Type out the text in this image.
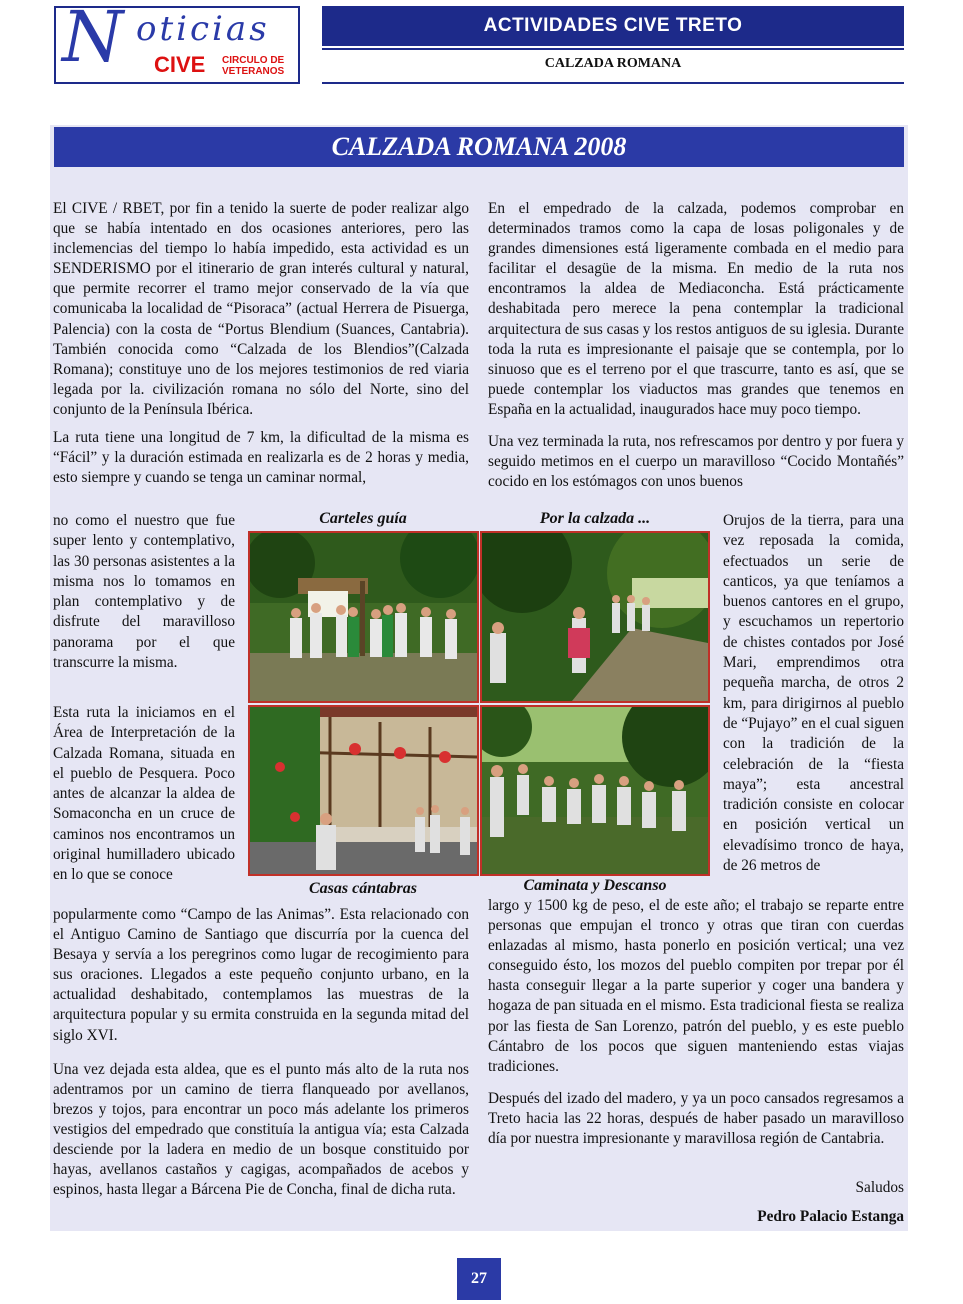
N oticias
CIVE CIRCULO DE
VETERANOS
ACTIVIDADES CIVE TRETO
CALZADA ROMANA
CALZADA ROMANA 2008

El CIVE / RBET, por fin a tenido la suerte de poder realizar algo que se había intentado en dos ocasiones anteriores, pero las inclemencias del tiempo lo había impedido, esta actividad es un SENDERISMO por el itinerario de gran interés cultural y natural, que permite recorrer el tramo mejor conservado de la vía que comunicaba la localidad de “Pisoraca” (actual Herrera de Pisuerga, Palencia) con la costa de “Portus Blendium (Suances, Cantabria). También conocida como “Calzada de los Blendios”(Calzada Romana); constituye uno de los mejores testimonios de red viaria legada por la. civilización romana no sólo del Norte, sino del conjunto de la Península Ibérica.

La ruta tiene una longitud de 7 km, la dificultad de la misma es “Fácil” y la duración estimada en realizarla es de 2 horas y media, esto siempre y cuando se tenga un caminar normal,

no como el nuestro que fue super lento y contemplativo, las 30 personas asistentes a la misma nos lo tomamos en plan contemplativo y de disfrute del maravilloso panorama por el que transcurre la misma.
Esta ruta la iniciamos en el Área de Interpretación de la Calzada Romana, situada en el pueblo de Pesquera. Poco antes de alcanzar la aldea de Somaconcha en un cruce de caminos nos encontramos un original humilladero ubicado en lo que se conoce

popularmente como “Campo de las Animas”. Esta relacionado con el Antiguo Camino de Santiago que discurría por la cuenca del Besaya y servía a los peregrinos como lugar de recogimiento para sus oraciones. Llegados a este pequeño conjunto urbano, en la actualidad deshabitado, contemplamos las muestras de la arquitectura popular y su ermita construida en la segunda mitad del siglo XVI.

Una vez dejada esta aldea, que es el punto más alto de la ruta nos adentramos por un camino de tierra flanqueado por avellanos, brezos y tojos, para encontrar un poco más adelante los primeros vestigios del empedrado que constituía la antigua vía; esta Calzada desciende por la ladera en medio de un bosque constituido por hayas, avellanos castaños y cagigas, acompañados de acebos y espinos, hasta llegar a Bárcena Pie de Concha, final de dicha ruta.

En el empedrado de la calzada, podemos comprobar en determinados tramos como la capa de losas poligonales y de grandes dimensiones está ligeramente combada en el medio para facilitar el desagüe de la misma. En medio de la ruta nos encontramos la aldea de Mediaconcha. Está prácticamente deshabitada pero merece la pena contemplar la tradicional arquitectura de sus casas y los restos antiguos de su iglesia. Durante toda la ruta es impresionante el paisaje que se contempla, por lo sinuoso que es el terreno por el que trascurre, tanto es así, que se puede contemplar los viaductos mas grandes que tenemos en España en la actualidad, inaugurados hace muy poco tiempo.

Una vez terminada la ruta, nos refrescamos por dentro y por fuera y seguido metimos en el cuerpo un maravilloso “Cocido Montañés” cocido en los estómagos con unos buenos

Orujos de la tierra, para una vez reposada la comida, efectuados un serie de canticos, ya que teníamos a buenos cantores en el grupo, y escuchamos un repertorio de chistes contados por José Mari, emprendimos otra pequeña marcha, de otros 2 km, para dirigirnos al pueblo de “Pujayo” en el cual siguen con la tradición de la celebración de la “fiesta maya”; esta ancestral tradición consiste en colocar en posición vertical un elevadísimo tronco de haya, de 26 metros de

largo y 1500 kg de peso, el de este año; el trabajo se reparte entre personas que empujan el tronco y otras que tiran con cuerdas enlazadas al mismo, hasta ponerlo en posición vertical; una vez conseguido ésto, los mozos del pueblo compiten por trepar por él hasta conseguir llegar a la parte superior y coger una bandera y hogaza de pan situada en el mismo. Esta tradicional fiesta se realiza por las fiesta de San Lorenzo, patrón del pueblo, y es este pueblo Cántabro de los pocos que siguen manteniendo estas viajas tradiciones.

Después del izado del madero, y ya un poco cansados regresamos a Treto hacia las 22 horas, después de haber pasado un maravilloso día por nuestra impresionante y maravillosa región de Cantabria.

Saludos
Pedro Palacio Estanga
Carteles guía	Por la calzada ...
Casas cántabras	Caminata y Descanso
27
